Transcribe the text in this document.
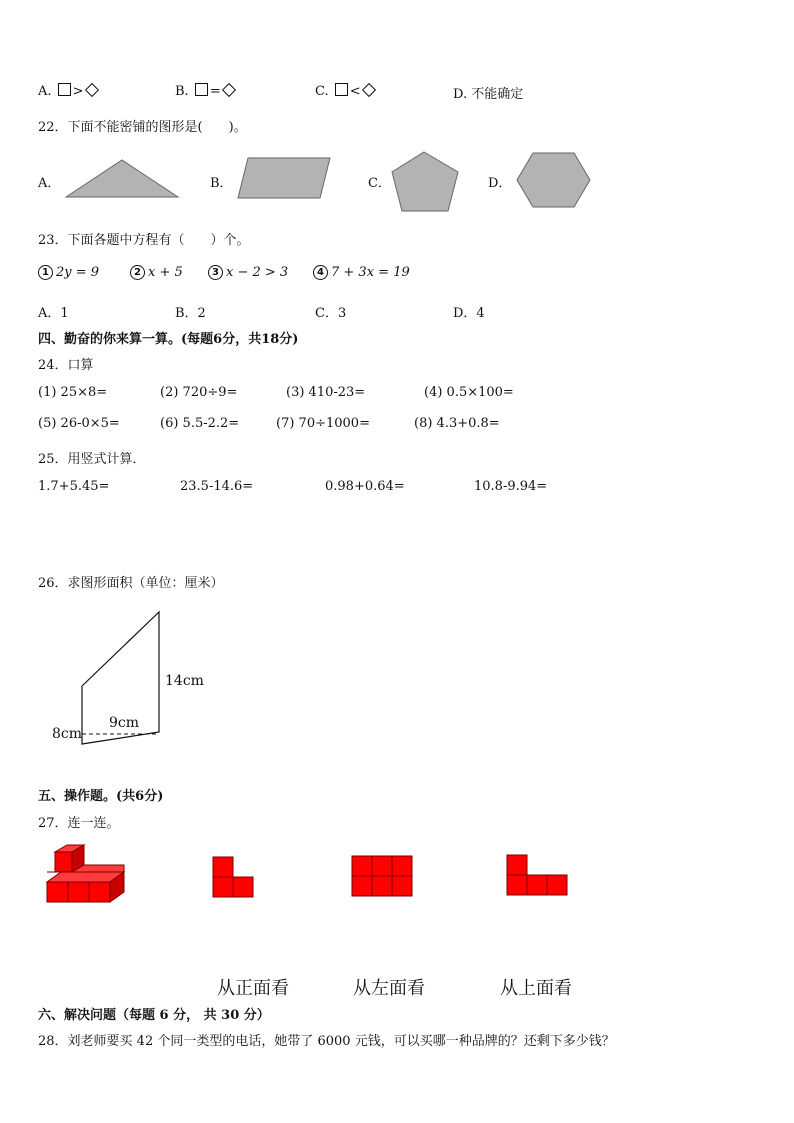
A. >	B. =	C. <	D. 不能确定
22．下面不能密铺的图形是(　　)。
A．	B．	C．	D．
23．下面各题中方程有（　　）个。
1 2y = 9	2 x + 5	3 x − 2 > 3	4 7 + 3x = 19
A．1	B．2	C．3	D．4
四、勤奋的你来算一算。(每题6分，共18分)
24．口算
(1) 25×8=	(2) 720÷9=	(3) 410-23=	(4) 0.5×100=
(5) 26-0×5=	(6) 5.5-2.2=	(7) 70÷1000=	(8) 4.3+0.8=
25．用竖式计算．
1.7+5.45=	23.5-14.6=	0.98+0.64=	10.8-9.94=
26．求图形面积（单位：厘米）
14cm
9cm
8cm
五、操作题。(共6分)
27．连一连。
从正面看	从左面看	从上面看
六、解决问题（每题 6 分， 共 30 分）
28．刘老师要买 42 个同一类型的电话，她带了 6000 元钱，可以买哪一种品牌的？还剩下多少钱？
